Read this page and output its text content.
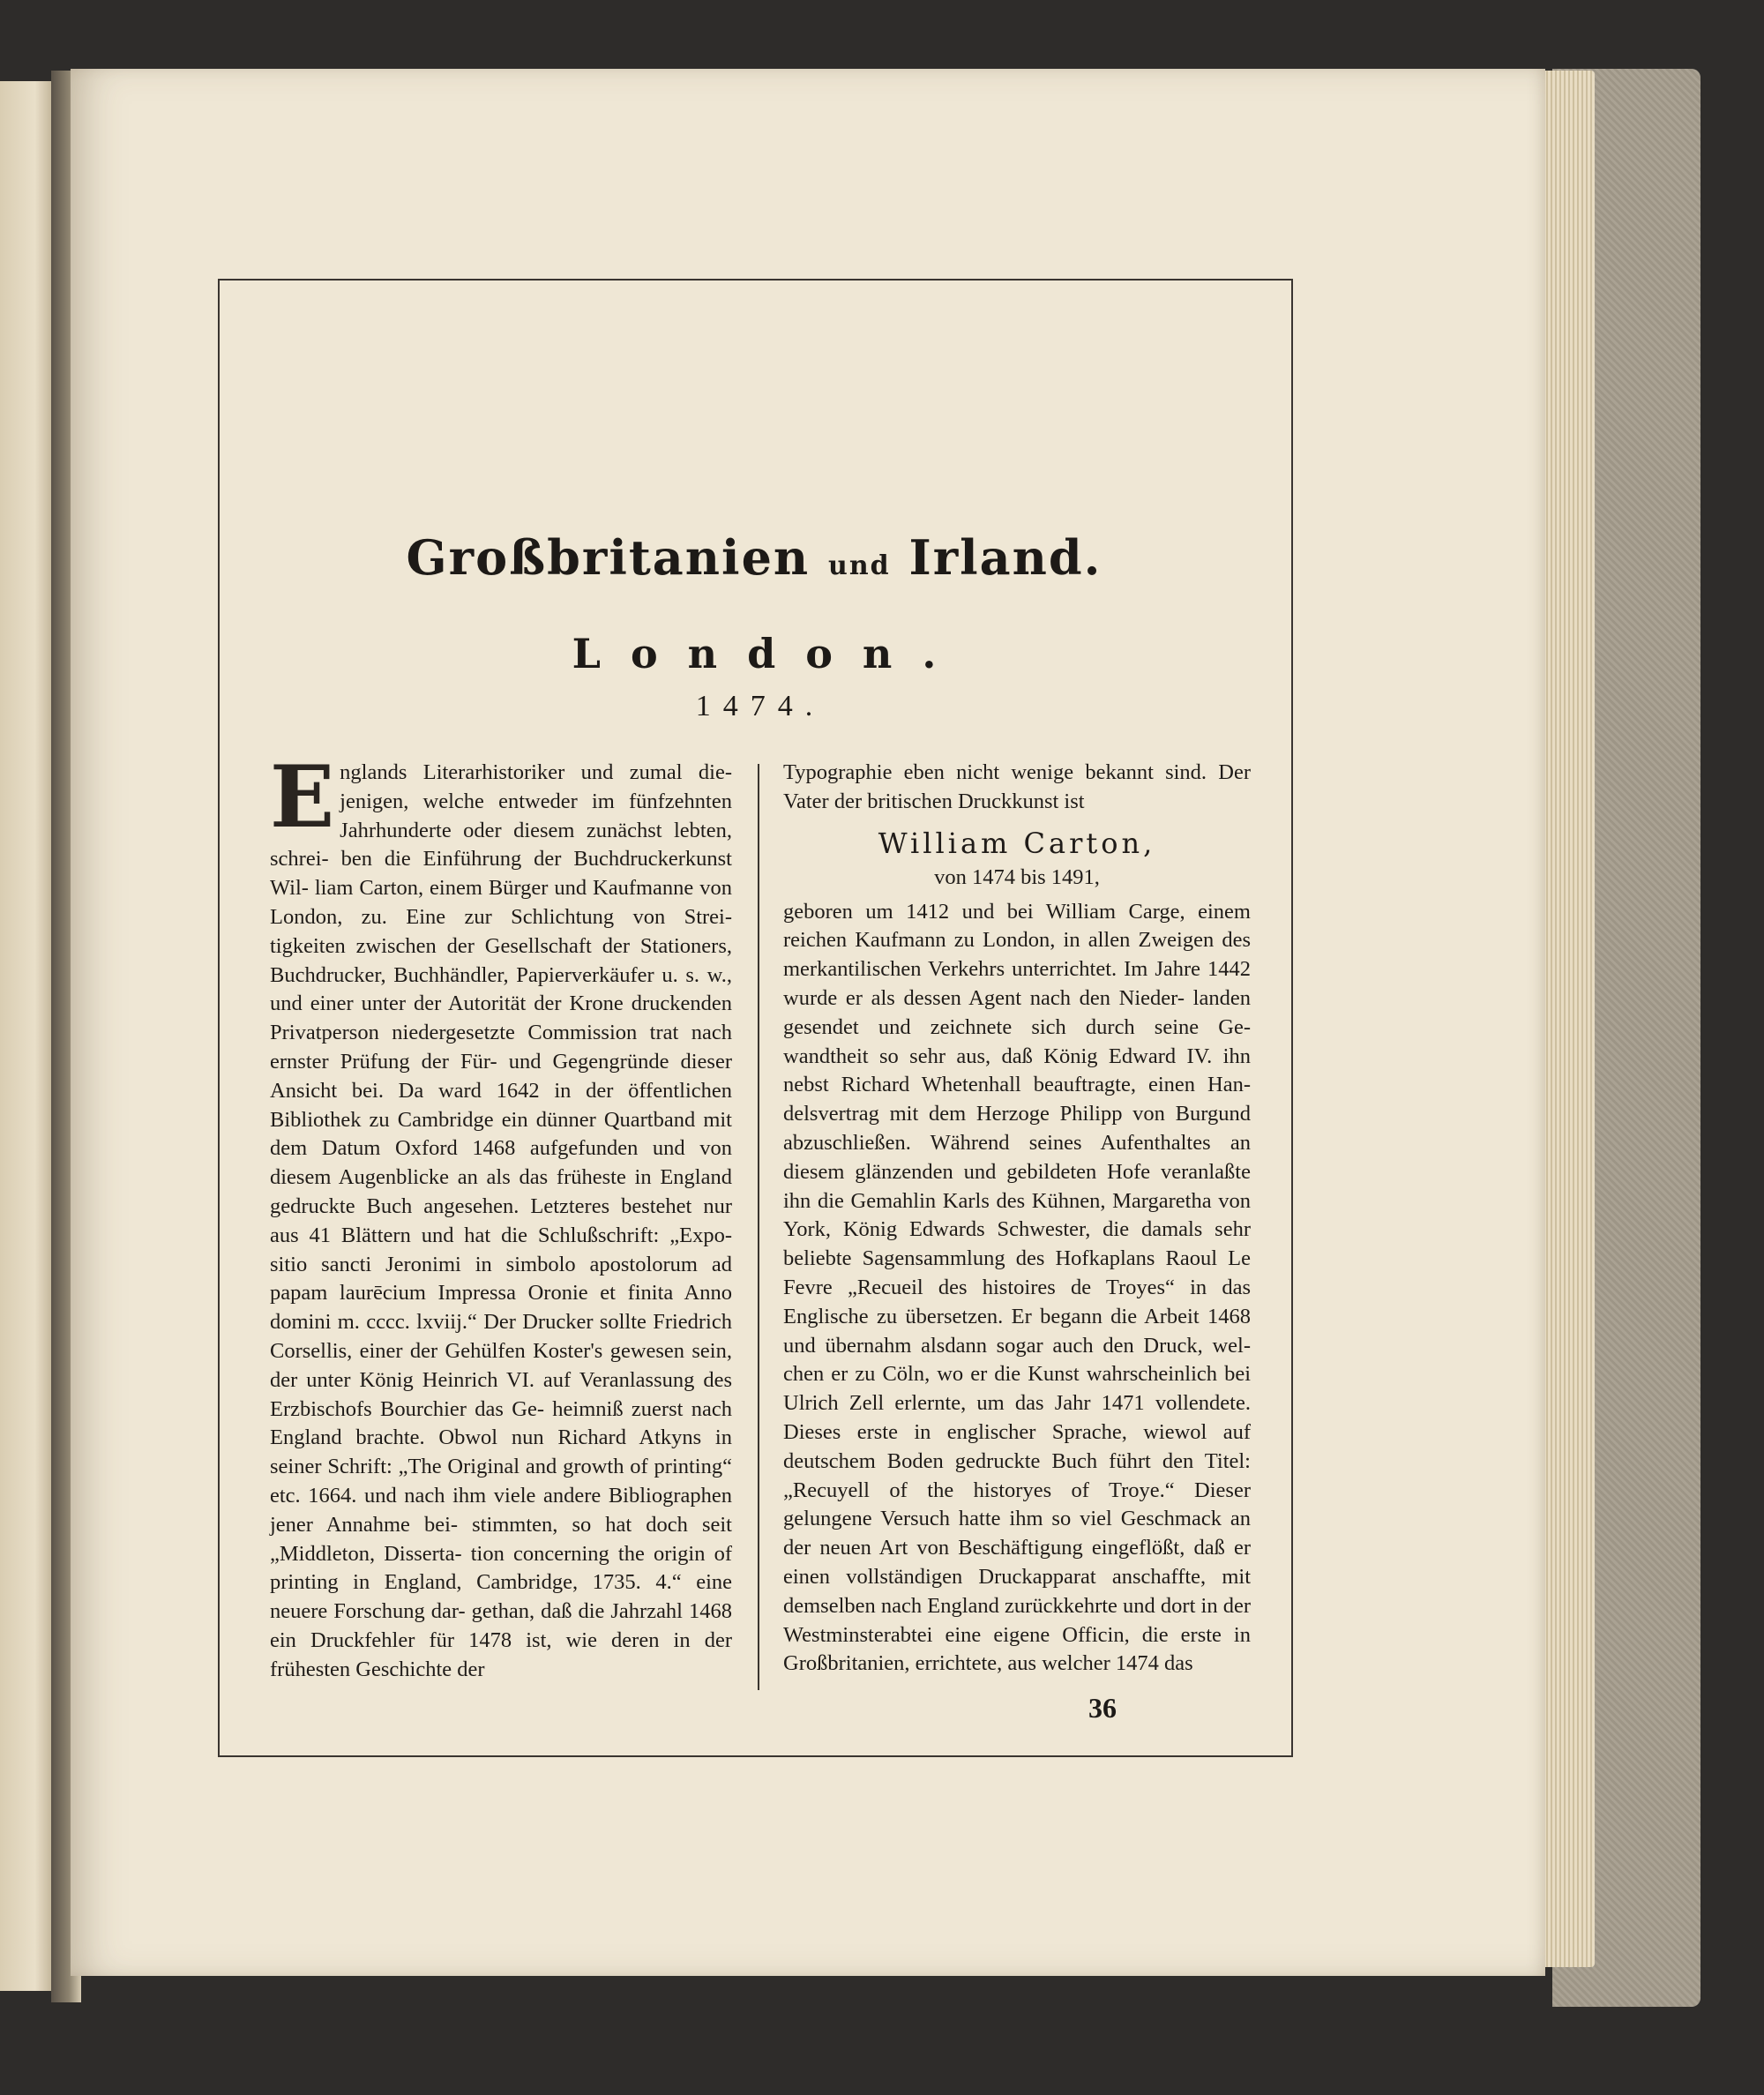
Großbritanien und Irland.
London.
1474.

Englands Literarhistoriker und zumal die- jenigen, welche entweder im fünfzehnten Jahrhunderte oder diesem zunächst lebten, schrei- ben die Einführung der Buchdruckerkunst Wil- liam Carton, einem Bürger und Kaufmanne von London, zu. Eine zur Schlichtung von Strei- tigkeiten zwischen der Gesellschaft der Stationers, Buchdrucker, Buchhändler, Papierverkäufer u. s. w., und einer unter der Autorität der Krone druckenden Privatperson niedergesetzte Commission trat nach ernster Prüfung der Für- und Gegengründe dieser Ansicht bei. Da ward 1642 in der öffentlichen Bibliothek zu Cambridge ein dünner Quartband mit dem Datum Oxford 1468 aufgefunden und von diesem Augenblicke an als das früheste in England gedruckte Buch angesehen. Letzteres bestehet nur aus 41 Blättern und hat die Schlußschrift: „Expo- sitio sancti Jeronimi in simbolo apostolorum ad papam laurēcium Impressa Oronie et finita Anno domini m. cccc. lxviij.“ Der Drucker sollte Friedrich Corsellis, einer der Gehülfen Koster's gewesen sein, der unter König Heinrich VI. auf Veranlassung des Erzbischofs Bourchier das Ge- heimniß zuerst nach England brachte. Obwol nun Richard Atkyns in seiner Schrift: „The Original and growth of printing“ etc. 1664. und nach ihm viele andere Bibliographen jener Annahme bei- stimmten, so hat doch seit „Middleton, Disserta- tion concerning the origin of printing in England, Cambridge, 1735. 4.“ eine neuere Forschung dar- gethan, daß die Jahrzahl 1468 ein Druckfehler für 1478 ist, wie deren in der frühesten Geschichte der

Typographie eben nicht wenige bekannt sind. Der Vater der britischen Druckkunst ist

William Carton,
von 1474 bis 1491,

geboren um 1412 und bei William Carge, einem reichen Kaufmann zu London, in allen Zweigen des merkantilischen Verkehrs unterrichtet. Im Jahre 1442 wurde er als dessen Agent nach den Nieder- landen gesendet und zeichnete sich durch seine Ge- wandtheit so sehr aus, daß König Edward IV. ihn nebst Richard Whetenhall beauftragte, einen Han- delsvertrag mit dem Herzoge Philipp von Burgund abzuschließen. Während seines Aufenthaltes an diesem glänzenden und gebildeten Hofe veranlaßte ihn die Gemahlin Karls des Kühnen, Margaretha von York, König Edwards Schwester, die damals sehr beliebte Sagensammlung des Hofkaplans Raoul Le Fevre „Recueil des histoires de Troyes“ in das Englische zu übersetzen. Er begann die Arbeit 1468 und übernahm alsdann sogar auch den Druck, wel- chen er zu Cöln, wo er die Kunst wahrscheinlich bei Ulrich Zell erlernte, um das Jahr 1471 vollendete. Dieses erste in englischer Sprache, wiewol auf deutschem Boden gedruckte Buch führt den Titel: „Recuyell of the historyes of Troye.“ Dieser gelungene Versuch hatte ihm so viel Geschmack an der neuen Art von Beschäftigung eingeflößt, daß er einen vollständigen Druckapparat anschaffte, mit demselben nach England zurückkehrte und dort in der Westminsterabtei eine eigene Officin, die erste in Großbritanien, errichtete, aus welcher 1474 das

36
